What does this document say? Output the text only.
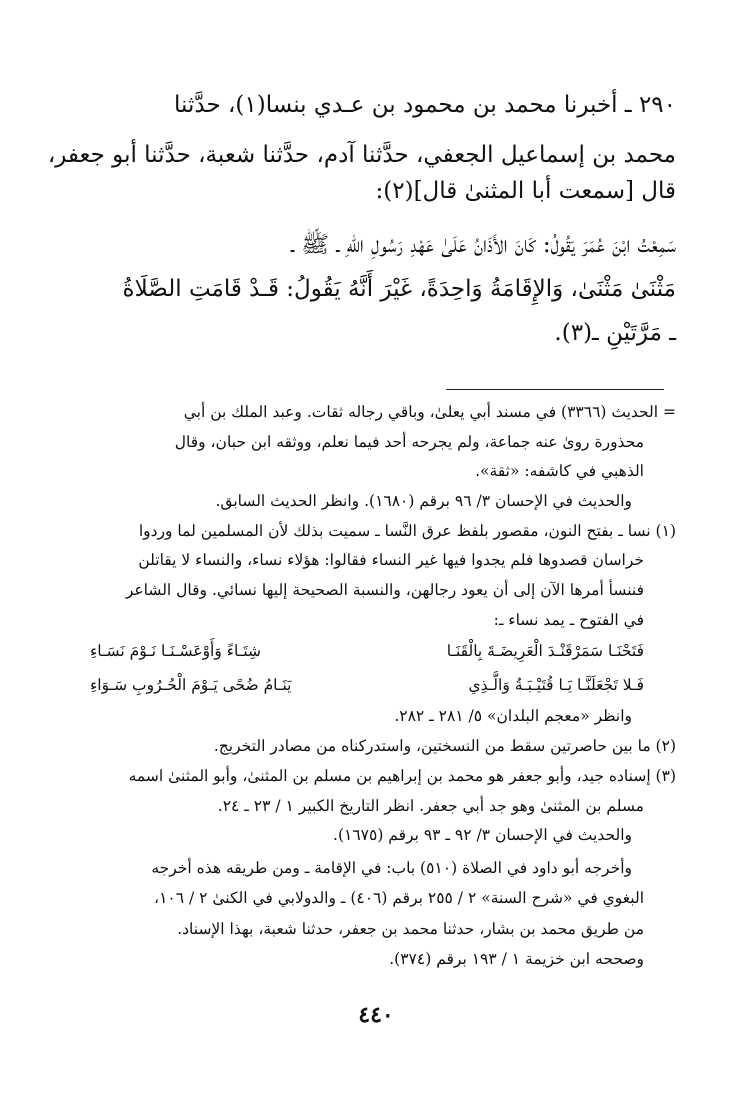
٢٩٠ ـ أخبرنا محمد بن محمود بن عـدي بنسا(١)، حدَّثنا
محمد بن إسماعيل الجعفي، حدَّثنا آدم، حدَّثنا شعبة، حدَّثنا أبو جعفر،
قال [سمعت أبا المثنىٰ قال](٢):
سَمِعْتُ ابْنَ عُمَرَ يَقُولُ: كَانَ الأَذَانُ عَلَىٰ عَهْدِ رَسُولِ اللهِ ـ ﷺ ـ
مَثْنَىٰ مَثْنَىٰ، وَالإِقَامَةُ وَاحِدَةً، غَيْرَ أَنَّهُ يَقُولُ: قَـدْ قَامَتِ الصَّلَاةُ
ـ مَرَّتَيْنِ ـ(٣).
= الحديث (٣٣٦٦) في مسند أبي يعلىٰ، وباقي رجاله ثقات. وعبد الملك بن أبي
محذورة روىٰ عنه جماعة، ولم يجرحه أحد فيما نعلم، ووثقه ابن حبان، وقال
الذهبي في كاشفه: «ثقة».
والحديث في الإحسان ٣/ ٩٦ برقم (١٦٨٠). وانظر الحديث السابق.
(١) نسا ـ بفتح النون، مقصور بلفظ عرق النَّسا ـ سميت بذلك لأن المسلمين لما وردوا
خراسان قصدوها فلم يجدوا فيها غير النساء فقالوا: هؤلاء نساء، والنساء لا يقاتلن
فننسأ أمرها الآن إلى أن يعود رجالهن، والنسبة الصحيحة إليها نسائي. وقال الشاعر
في الفتوح ـ يمد نساء ـ:
فَتَحْنَـا سَمَرْقَنْـدَ الْعَرِيضَـةَ بِالْقَنَـا
شِتَـاءً وَأَوْعَسْـنَـا نَـوْمَ نَسَـاءِ
فَـلا تَجْعَلَنَّـا يَـا قُتَيْـبَـةُ وَالَّـذِي
يَنَـامُ ضُحًى يَـوْمَ الْحُـرُوبِ سَـوَاءِ
وانظر «معجم البلدان» ٥/ ٢٨١ ـ ٢٨٢.
(٢) ما بين حاصرتين سقط من النسختين، واستدركناه من مصادر التخريج.
(٣) إسناده جيد، وأبو جعفر هو محمد بن إبراهيم بن مسلم بن المثنىٰ، وأبو المثنىٰ اسمه
مسلم بن المثنىٰ وهو جد أبي جعفر. انظر التاريخ الكبير ١ / ٢٣ ـ ٢٤.
والحديث في الإحسان ٣/ ٩٢ ـ ٩٣ برقم (١٦٧٥).
وأخرجه أبو داود في الصلاة (٥١٠) باب: في الإقامة ـ ومن طريقه هذه أخرجه
البغوي في «شرح السنة» ٢ / ٢٥٥ برقم (٤٠٦) ـ والدولابي في الكنىٰ ٢ / ١٠٦،
من طريق محمد بن بشار، حدثنا محمد بن جعفر، حدثنا شعبة، بهذا الإسناد.
وصححه ابن خزيمة ١ / ١٩٣ برقم (٣٧٤).
٤٤٠
